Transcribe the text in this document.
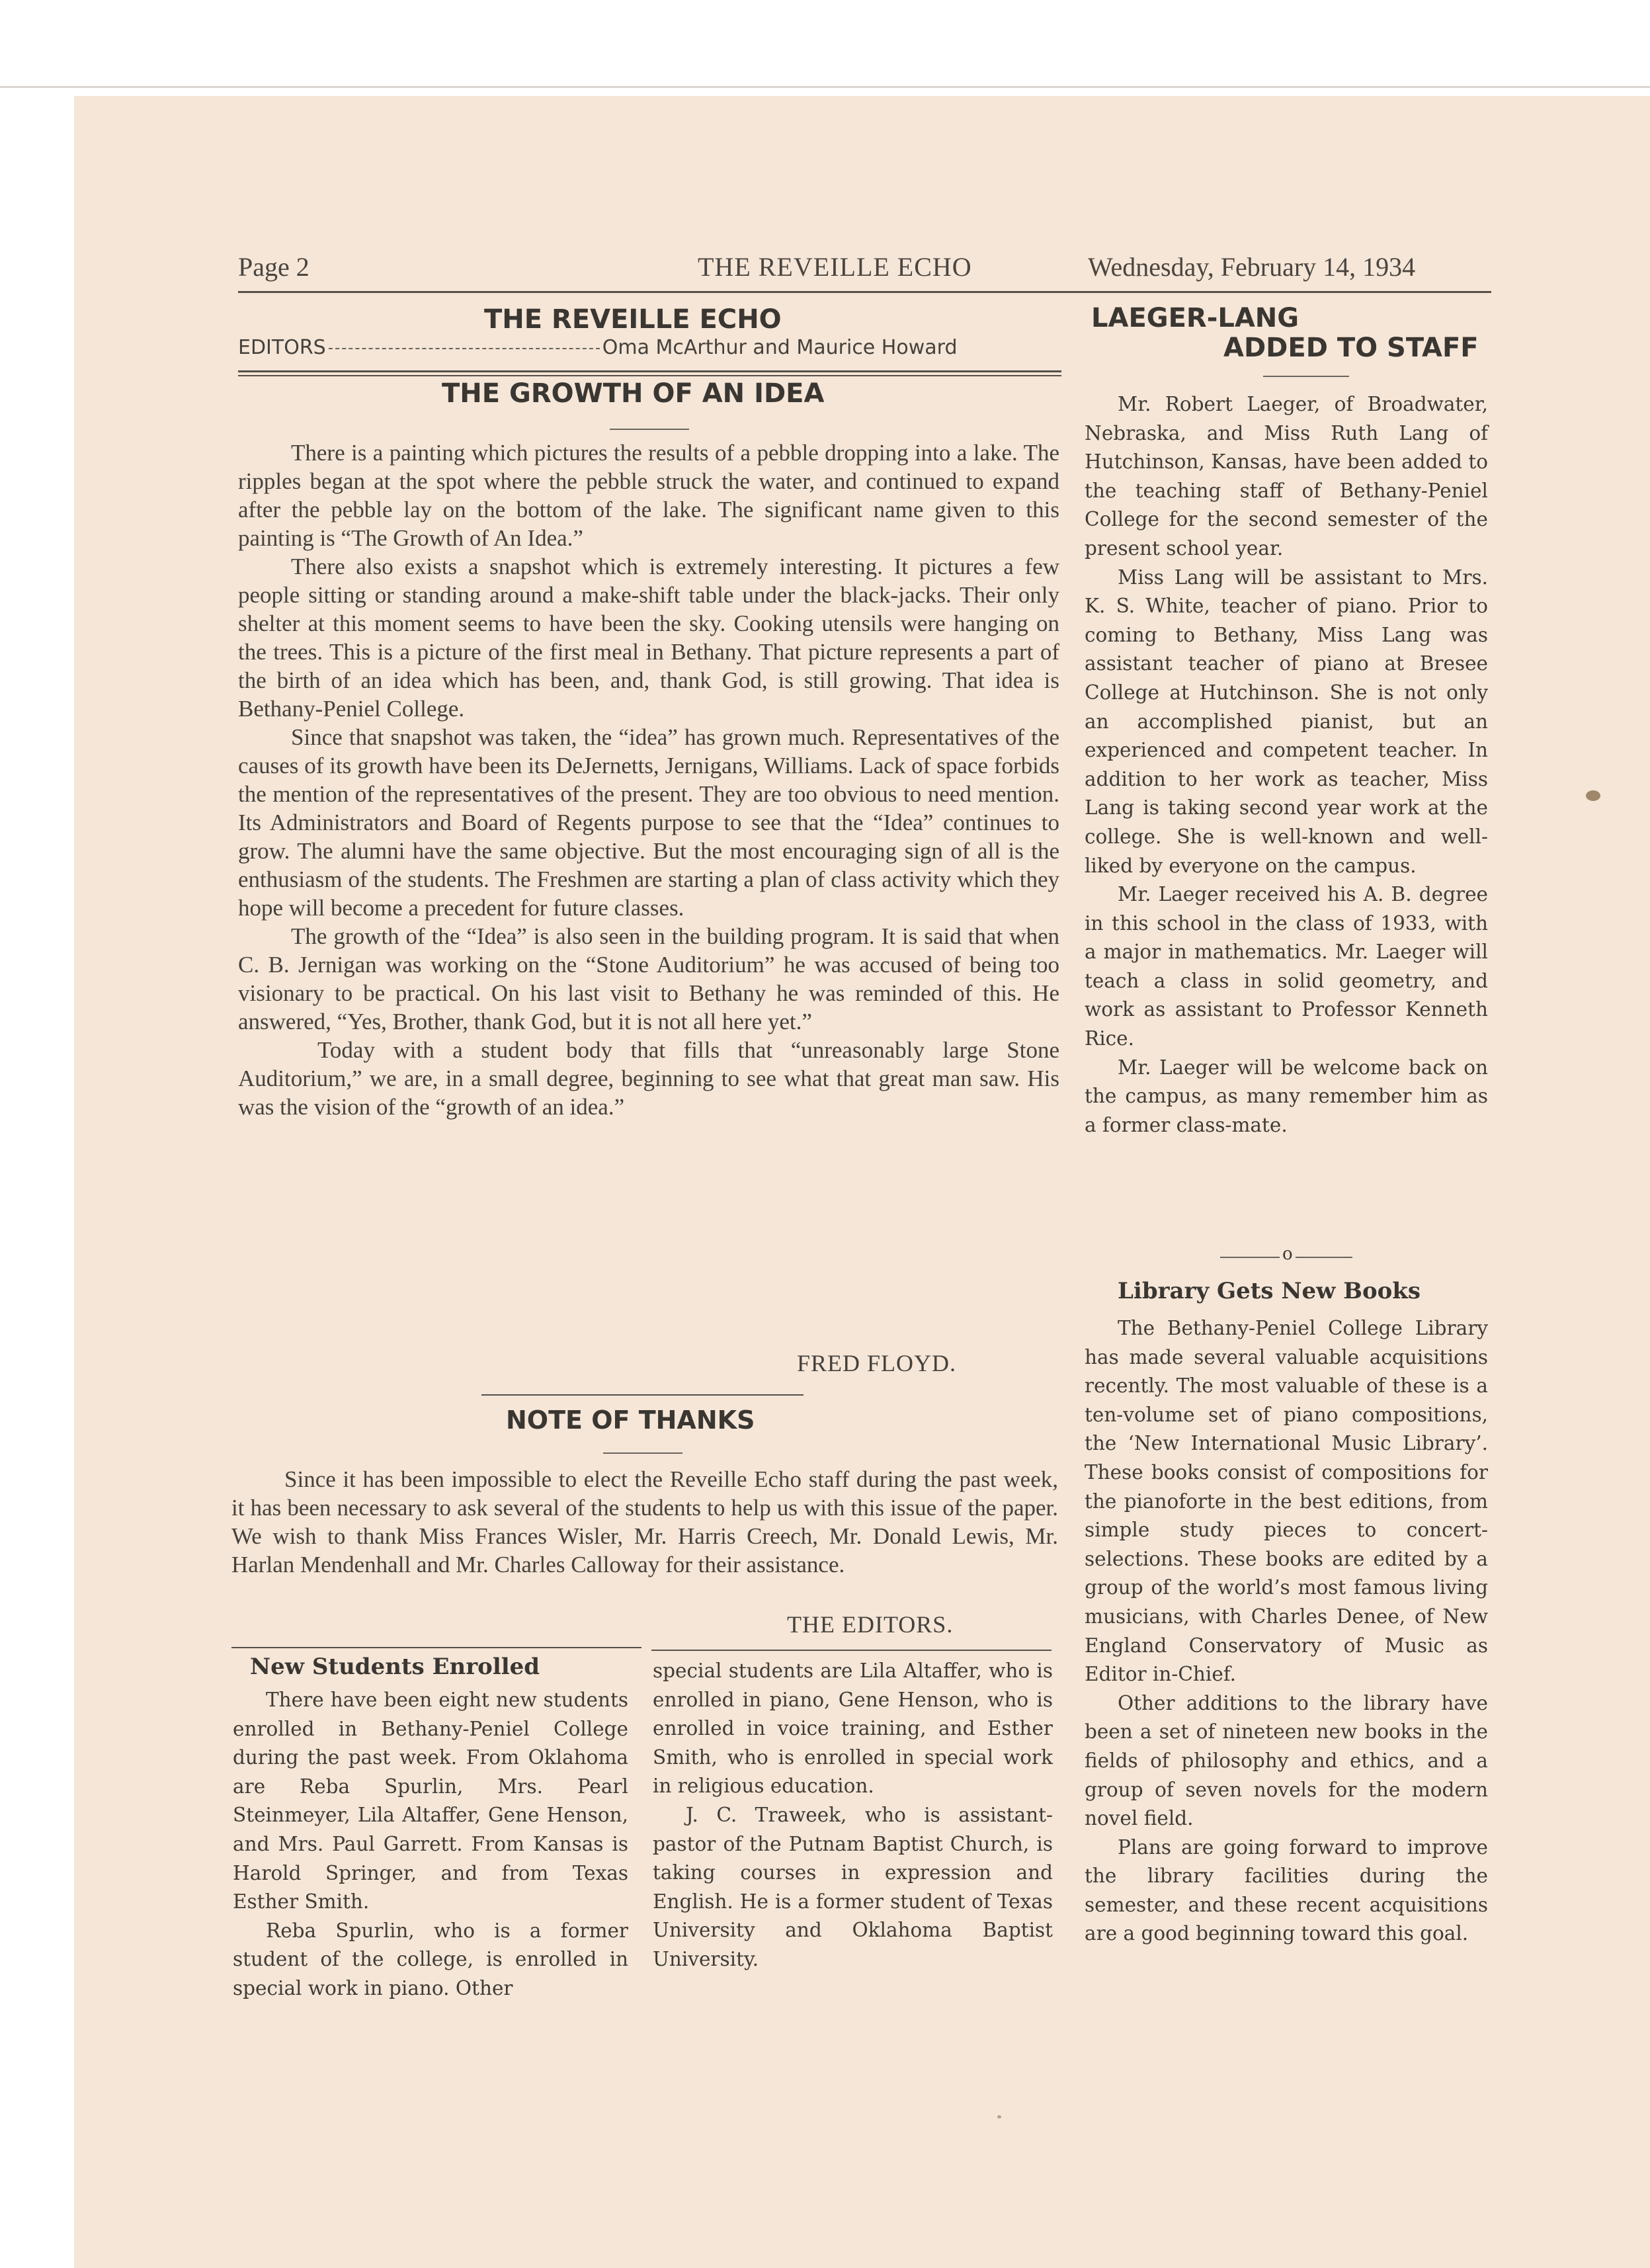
Page 2	THE REVEILLE ECHO	Wednesday, February 14, 1934
THE REVEILLE ECHO
EDITORS	Oma McArthur and Maurice Howard
THE GROWTH OF AN IDEA

There is a painting which pictures the results of a pebble dropping into a lake. The ripples began at the spot where the pebble struck the water, and continued to expand after the pebble lay on the bottom of the lake. The significant name given to this painting is “The Growth of An Idea.”

There also exists a snapshot which is extremely interesting. It pictures a few people sitting or standing around a make-shift table under the black-jacks. Their only shelter at this moment seems to have been the sky. Cooking utensils were hanging on the trees. This is a picture of the first meal in Bethany. That picture represents a part of the birth of an idea which has been, and, thank God, is still growing. That idea is Bethany-Peniel College.

Since that snapshot was taken, the “idea” has grown much. Representatives of the causes of its growth have been its DeJernetts, Jernigans, Williams. Lack of space forbids the mention of the representatives of the present. They are too obvious to need mention. Its Administrators and Board of Regents purpose to see that the “Idea” continues to grow. The alumni have the same objective. But the most encouraging sign of all is the enthusiasm of the students. The Freshmen are starting a plan of class activity which they hope will become a precedent for future classes.

The growth of the “Idea” is also seen in the building program. It is said that when C. B. Jernigan was working on the “Stone Auditorium” he was accused of being too visionary to be practical. On his last visit to Bethany he was reminded of this. He answered, “Yes, Brother, thank God, but it is not all here yet.”

Today with a student body that fills that “unreasonably large Stone Auditorium,” we are, in a small degree, beginning to see what that great man saw. His was the vision of the “growth of an idea.”

FRED FLOYD.
NOTE OF THANKS

Since it has been impossible to elect the Reveille Echo staff during the past week, it has been necessary to ask several of the students to help us with this issue of the paper. We wish to thank Miss Frances Wisler, Mr. Harris Creech, Mr. Donald Lewis, Mr. Harlan Mendenhall and Mr. Charles Calloway for their assistance.

THE EDITORS.
New Students Enrolled

There have been eight new students enrolled in Bethany-Peniel College during the past week. From Oklahoma are Reba Spurlin, Mrs. Pearl Steinmeyer, Lila Altaffer, Gene Henson, and Mrs. Paul Garrett. From Kansas is Harold Springer, and from Texas Esther Smith.

Reba Spurlin, who is a former student of the college, is enrolled in special work in piano. Other

special students are Lila Altaffer, who is enrolled in piano, Gene Henson, who is enrolled in voice training, and Esther Smith, who is enrolled in special work in religious education.

J. C. Traweek, who is assistant-pastor of the Putnam Baptist Church, is taking courses in expression and English. He is a former student of Texas University and Oklahoma Baptist University.

LAEGER-LANG
ADDED TO STAFF

Mr. Robert Laeger, of Broadwater, Nebraska, and Miss Ruth Lang of Hutchinson, Kansas, have been added to the teaching staff of Bethany-Peniel College for the second semester of the present school year.

Miss Lang will be assistant to Mrs. K. S. White, teacher of piano. Prior to coming to Bethany, Miss Lang was assistant teacher of piano at Bresee College at Hutchinson. She is not only an accomplished pianist, but an experienced and competent teacher. In addition to her work as teacher, Miss Lang is taking second year work at the college. She is well-known and well-liked by everyone on the campus.

Mr. Laeger received his A. B. degree in this school in the class of 1933, with a major in mathematics. Mr. Laeger will teach a class in solid geometry, and work as assistant to Professor Kenneth Rice.

Mr. Laeger will be welcome back on the campus, as many remember him as a former class-mate.

o
Library Gets New Books

The Bethany-Peniel College Library has made several valuable acquisitions recently. The most valuable of these is a ten-volume set of piano compositions, the ‘New International Music Library’. These books consist of compositions for the pianoforte in the best editions, from simple study pieces to concert-selections. These books are edited by a group of the world’s most famous living musicians, with Charles Denee, of New England Conservatory of Music as Editor in-Chief.

Other additions to the library have been a set of nineteen new books in the fields of philosophy and ethics, and a group of seven novels for the modern novel field.

Plans are going forward to improve the library facilities during the semester, and these recent acquisitions are a good beginning toward this goal.
